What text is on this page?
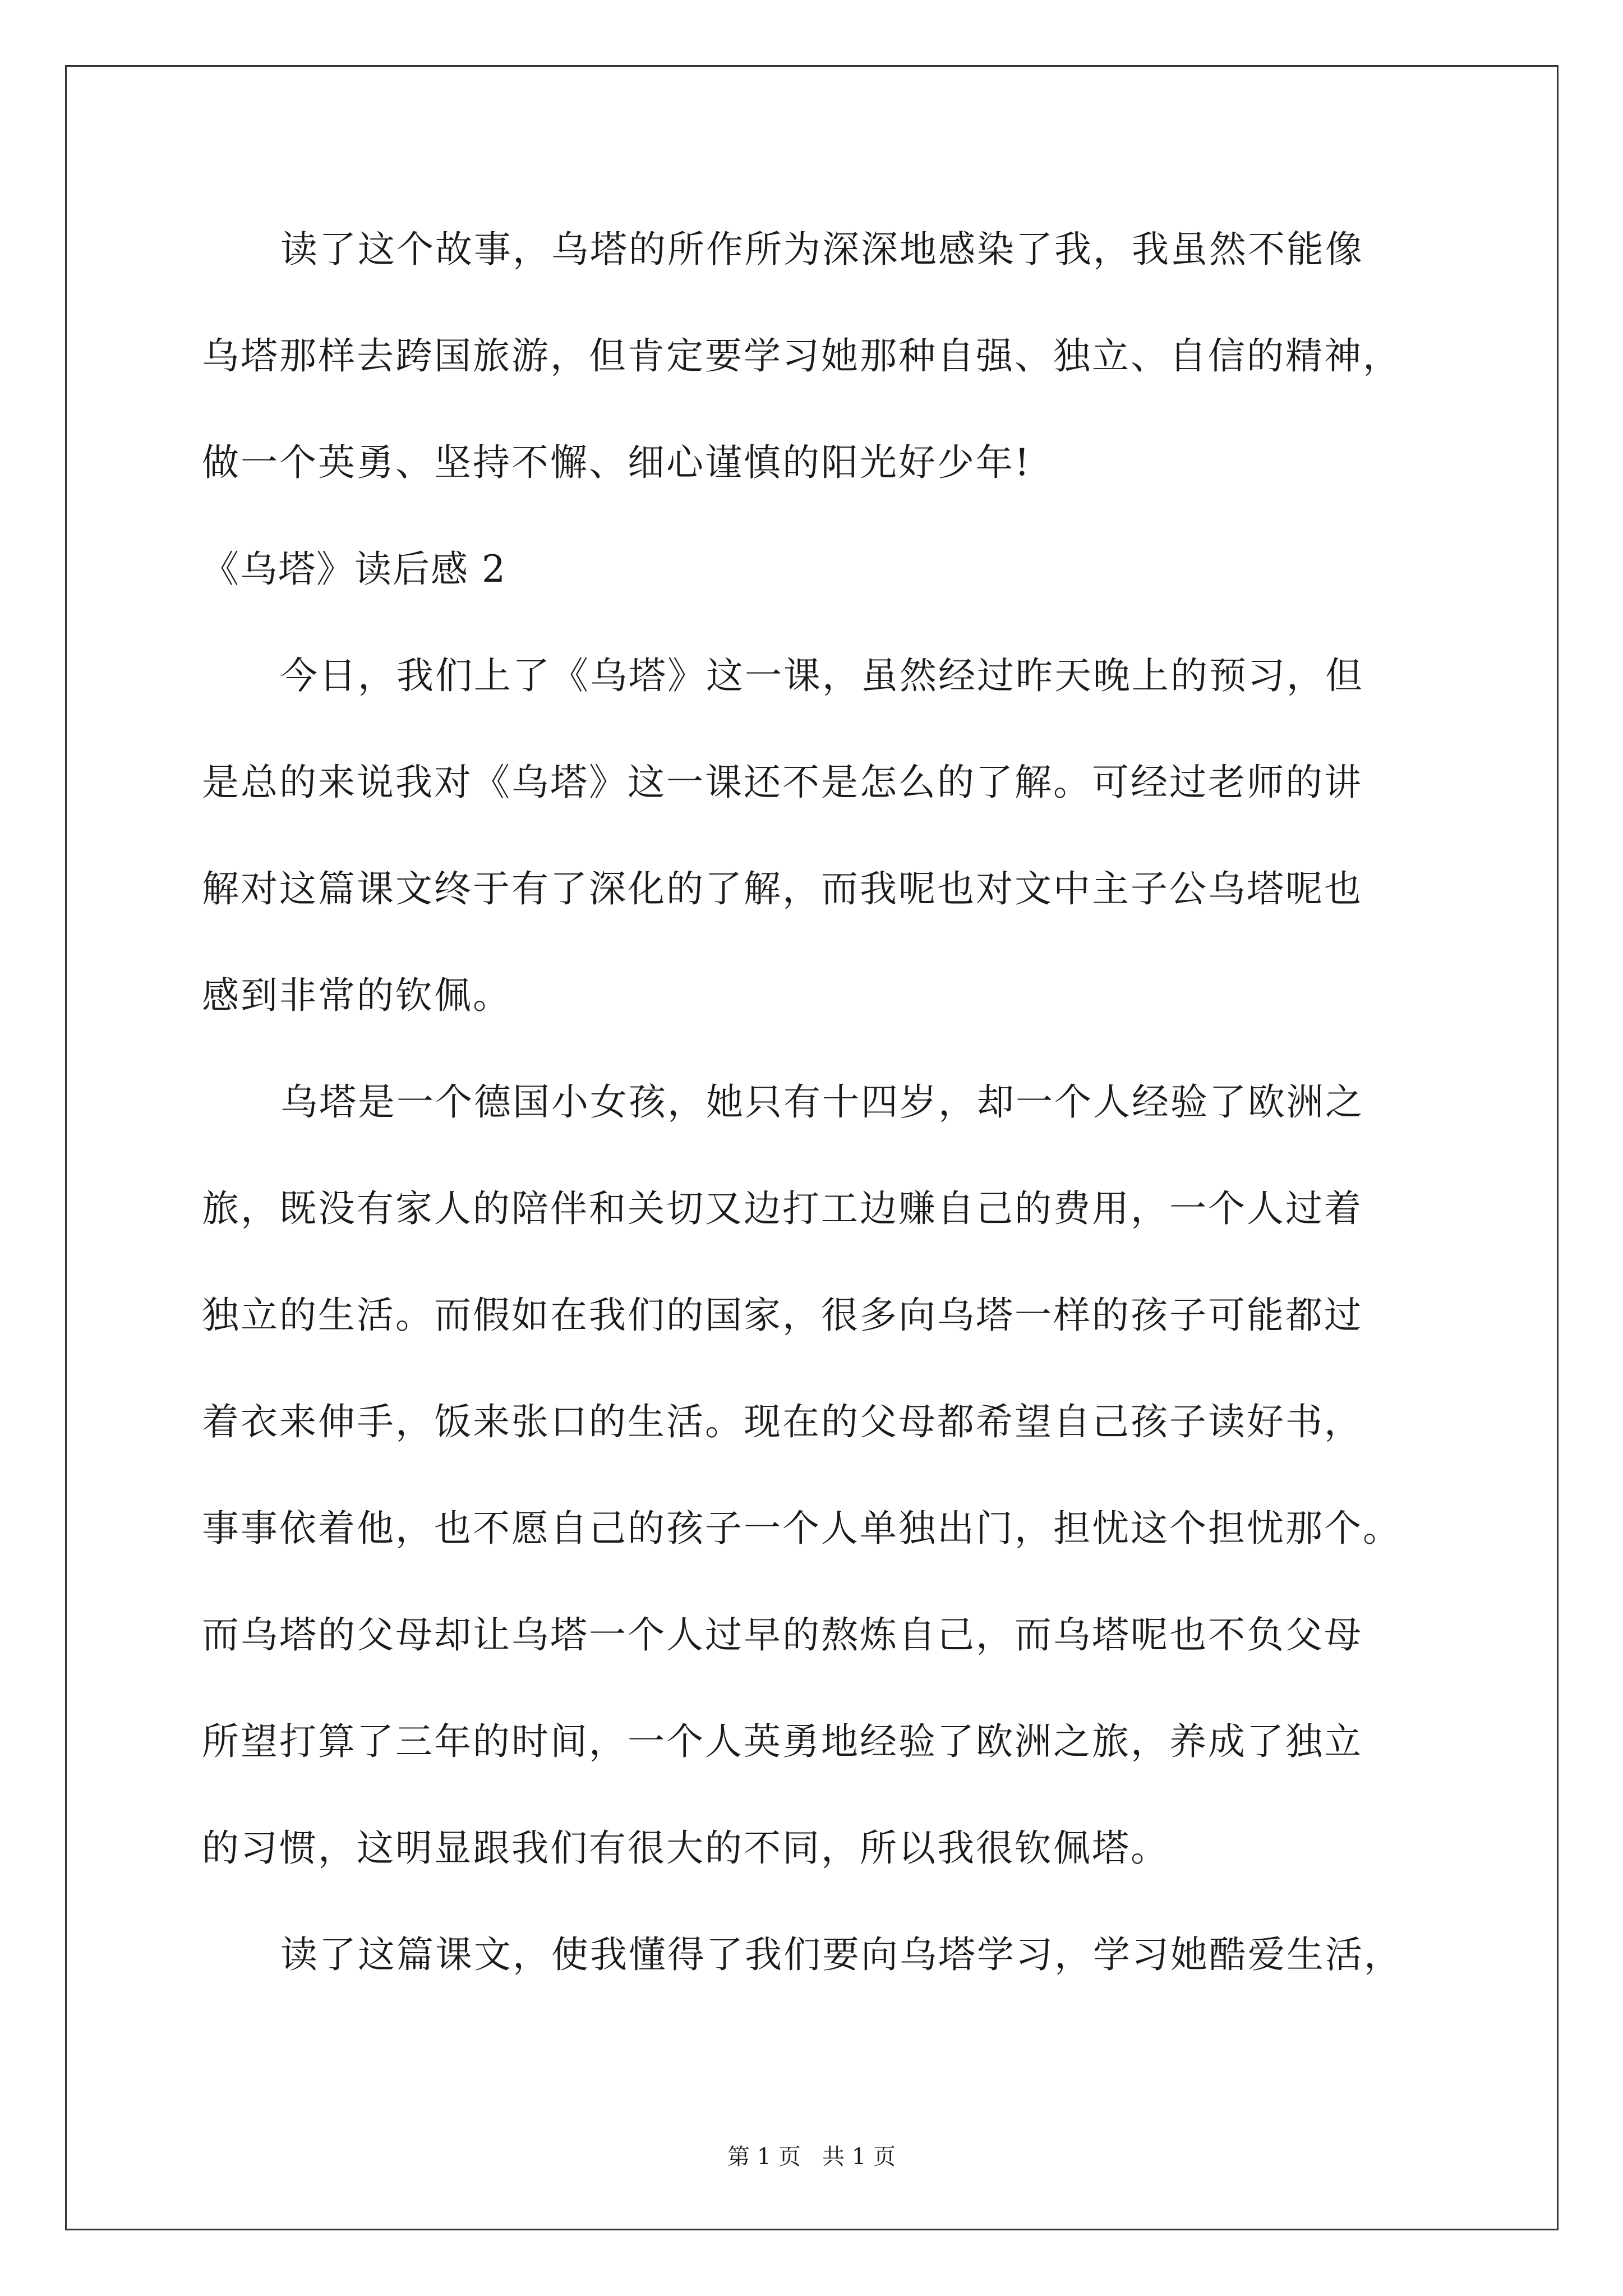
读了这个故事，乌塔的所作所为深深地感染了我，我虽然不能像
乌塔那样去跨国旅游，但肯定要学习她那种自强、独立、自信的精神，
做一个英勇、坚持不懈、细心谨慎的阳光好少年!
《乌塔》读后感 2
今日，我们上了《乌塔》这一课，虽然经过昨天晚上的预习，但
是总的来说我对《乌塔》这一课还不是怎么的了解。可经过老师的讲
解对这篇课文终于有了深化的了解，而我呢也对文中主子公乌塔呢也
感到非常的钦佩。
乌塔是一个德国小女孩，她只有十四岁，却一个人经验了欧洲之
旅，既没有家人的陪伴和关切又边打工边赚自己的费用，一个人过着
独立的生活。而假如在我们的国家，很多向乌塔一样的孩子可能都过
着衣来伸手，饭来张口的生活。现在的父母都希望自己孩子读好书，
事事依着他，也不愿自己的孩子一个人单独出门，担忧这个担忧那个。
而乌塔的父母却让乌塔一个人过早的熬炼自己，而乌塔呢也不负父母
所望打算了三年的时间，一个人英勇地经验了欧洲之旅，养成了独立
的习惯，这明显跟我们有很大的不同，所以我很钦佩塔。
读了这篇课文，使我懂得了我们要向乌塔学习，学习她酷爱生活，
第 1 页   共 1 页
